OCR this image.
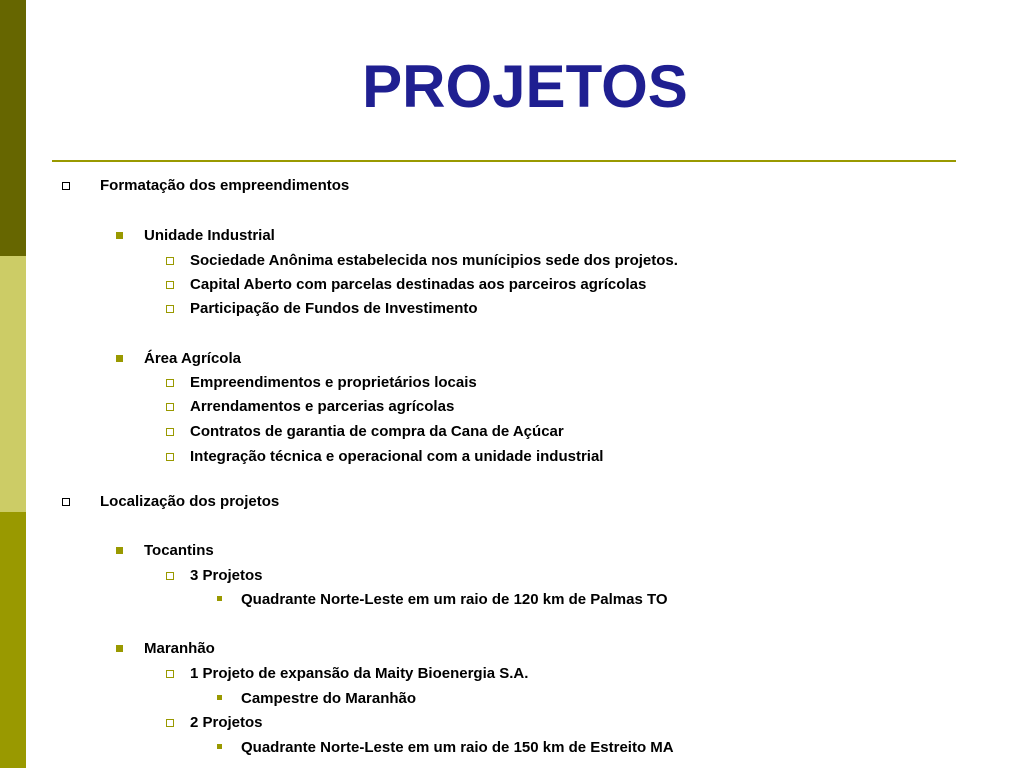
PROJETOS
Formatação dos empreendimentos
Unidade Industrial
Sociedade Anônima estabelecida nos munícipios sede dos projetos.
Capital Aberto com parcelas destinadas aos parceiros agrícolas
Participação de Fundos de Investimento
Área Agrícola
Empreendimentos e proprietários locais
Arrendamentos e parcerias agrícolas
Contratos de garantia de compra da Cana de Açúcar
Integração técnica e operacional com a unidade industrial
Localização dos projetos
Tocantins
3 Projetos
Quadrante Norte-Leste em um raio de 120 km de Palmas TO
Maranhão
1 Projeto de expansão da Maity Bioenergia S.A.
Campestre do Maranhão
2 Projetos
Quadrante Norte-Leste em um raio de 150 km de Estreito MA
